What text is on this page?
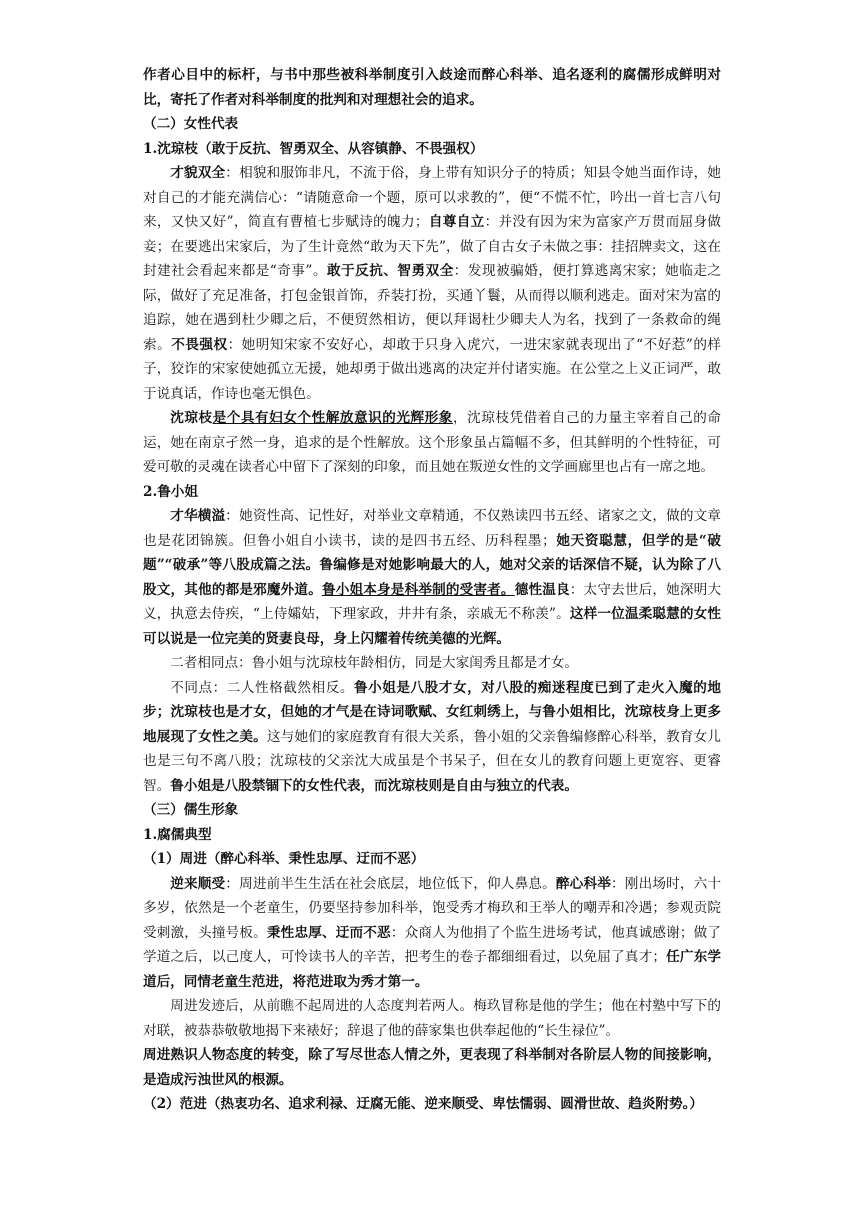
作者心目中的标杆，与书中那些被科举制度引入歧途而醉心科举、追名逐利的腐儒形成鲜明对比，寄托了作者对科举制度的批判和对理想社会的追求。

（二）女性代表

1.沈琼枝（敢于反抗、智勇双全、从容镇静、不畏强权）

才貌双全：相貌和服饰非凡，不流于俗，身上带有知识分子的特质；知县令她当面作诗，她对自己的才能充满信心：“请随意命一个题，原可以求教的”，便“不慌不忙，吟出一首七言八句来，又快又好”，简直有曹植七步赋诗的魄力；自尊自立：并没有因为宋为富家产万贯而屈身做妾；在要逃出宋家后，为了生计竟然“敢为天下先”，做了自古女子未做之事：挂招牌卖文，这在封建社会看起来都是“奇事”。敢于反抗、智勇双全：发现被骗婚，便打算逃离宋家；她临走之际，做好了充足准备，打包金银首饰，乔装打扮，买通丫鬟，从而得以顺利逃走。面对宋为富的追踪，她在遇到杜少卿之后，不便贸然相访，便以拜谒杜少卿夫人为名，找到了一条救命的绳索。不畏强权：她明知宋家不安好心，却敢于只身入虎穴，一进宋家就表现出了“不好惹”的样子，狡诈的宋家使她孤立无援，她却勇于做出逃离的决定并付诸实施。在公堂之上义正词严，敢于说真话，作诗也毫无惧色。

沈琼枝是个具有妇女个性解放意识的光辉形象，沈琼枝凭借着自己的力量主宰着自己的命运，她在南京孑然一身，追求的是个性解放。这个形象虽占篇幅不多，但其鲜明的个性特征，可爱可敬的灵魂在读者心中留下了深刻的印象，而且她在叛逆女性的文学画廊里也占有一席之地。

2.鲁小姐

才华横溢：她资性高、记性好，对举业文章精通，不仅熟读四书五经、诸家之文，做的文章也是花团锦簇。但鲁小姐自小读书，读的是四书五经、历科程墨；她天资聪慧，但学的是“破题”“破承”等八股成篇之法。鲁编修是对她影响最大的人，她对父亲的话深信不疑，认为除了八股文，其他的都是邪魔外道。鲁小姐本身是科举制的受害者。德性温良：太守去世后，她深明大义，执意去侍疾，“上侍孀姑，下理家政，井井有条，亲戚无不称羡”。这样一位温柔聪慧的女性可以说是一位完美的贤妻良母，身上闪耀着传统美德的光辉。

二者相同点：鲁小姐与沈琼枝年龄相仿，同是大家闺秀且都是才女。

不同点：二人性格截然相反。鲁小姐是八股才女，对八股的痴迷程度已到了走火入魔的地步；沈琼枝也是才女，但她的才气是在诗词歌赋、女红刺绣上，与鲁小姐相比，沈琼枝身上更多地展现了女性之美。这与她们的家庭教育有很大关系，鲁小姐的父亲鲁编修醉心科举，教育女儿也是三句不离八股；沈琼枝的父亲沈大成虽是个书呆子，但在女儿的教育问题上更宽容、更睿智。鲁小姐是八股禁锢下的女性代表，而沈琼枝则是自由与独立的代表。

（三）儒生形象

1.腐儒典型

（1）周进（醉心科举、秉性忠厚、迂而不恶）

逆来顺受：周进前半生生活在社会底层，地位低下，仰人鼻息。醉心科举：刚出场时，六十多岁，依然是一个老童生，仍要坚持参加科举，饱受秀才梅玖和王举人的嘲弄和冷遇；参观贡院受刺激，头撞号板。秉性忠厚、迂而不恶：众商人为他捐了个监生进场考试，他真诚感谢；做了学道之后，以己度人，可怜读书人的辛苦，把考生的卷子都细细看过，以免屈了真才；任广东学道后，同情老童生范进，将范进取为秀才第一。

周进发迹后，从前瞧不起周进的人态度判若两人。梅玖冒称是他的学生；他在村塾中写下的对联，被恭恭敬敬地揭下来裱好；辞退了他的薛家集也供奉起他的“长生禄位”。
周进熟识人物态度的转变，除了写尽世态人情之外，更表现了科举制对各阶层人物的间接影响，是造成污浊世风的根源。

（2）范进（热衷功名、追求利禄、迂腐无能、逆来顺受、卑怯懦弱、圆滑世故、趋炎附势。）
